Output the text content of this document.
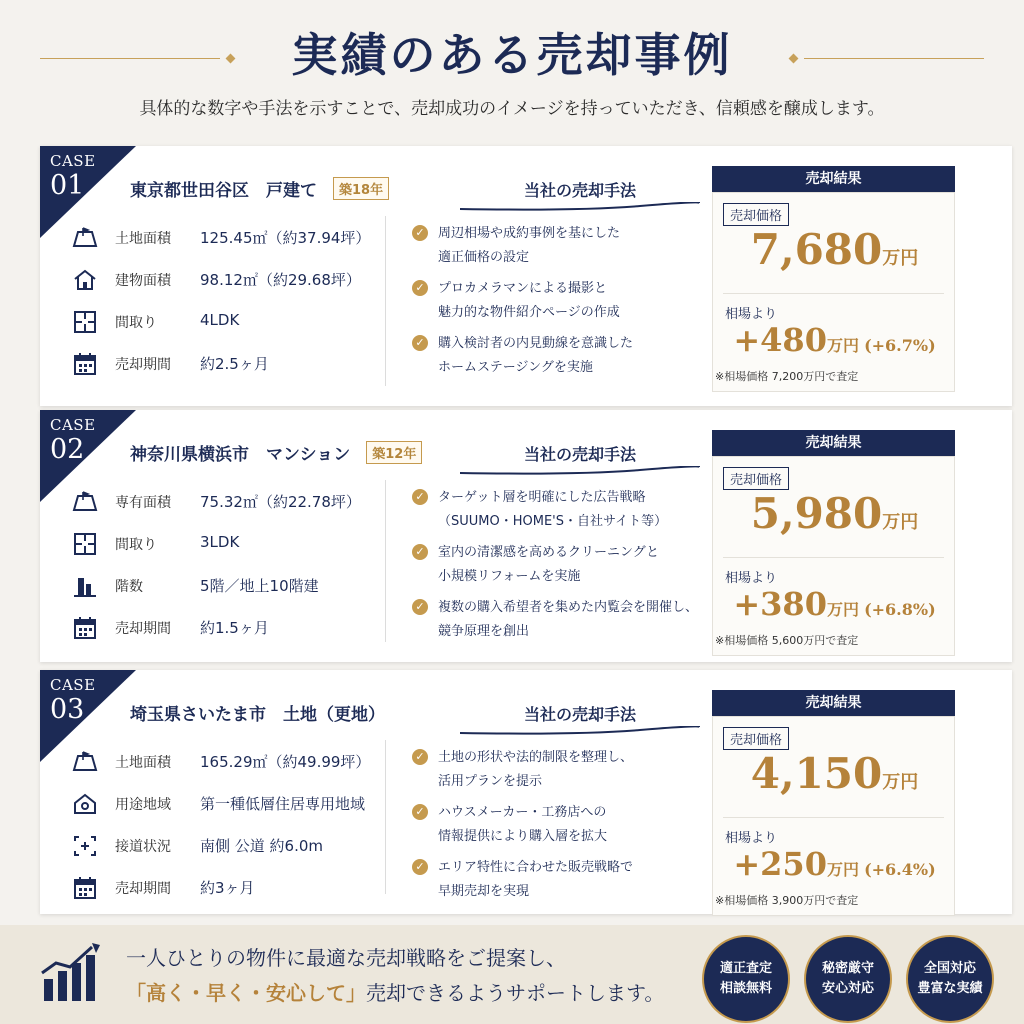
実績のある売却事例
具体的な数字や手法を示すことで、売却成功のイメージを持っていただき、信頼感を醸成します。
CASE
01	東京都世田谷区　戸建て 築18年
土地面積 125.45㎡（約37.94坪）
建物面積 98.12㎡（約29.68坪）
間取り	4LDK
売却期間 約2.5ヶ月
当社の売却手法
✓ 周辺相場や成約事例を基にした
適正価格の設定
✓ プロカメラマンによる撮影と
魅力的な物件紹介ページの作成
✓ 購入検討者の内見動線を意識した
ホームステージングを実施
売却結果
売却価格
7,680万円
相場より
+480万円 (+6.7%)
※相場価格 7,200万円で査定
CASE
02	神奈川県横浜市　マンション 築12年
専有面積 75.32㎡（約22.78坪）
間取り	3LDK
階数	5階／地上10階建
売却期間 約1.5ヶ月
当社の売却手法
✓ ターゲット層を明確にした広告戦略
（SUUMO・HOME'S・自社サイト等）
✓ 室内の清潔感を高めるクリーニングと
小規模リフォームを実施
✓ 複数の購入希望者を集めた内覧会を開催し、
競争原理を創出
売却結果
売却価格
5,980万円
相場より
+380万円 (+6.8%)
※相場価格 5,600万円で査定
CASE
03	埼玉県さいたま市　土地（更地）
土地面積 165.29㎡（約49.99坪）
用途地域 第一種低層住居専用地域
接道状況 南側 公道 約6.0m
売却期間 約3ヶ月
当社の売却手法
✓ 土地の形状や法的制限を整理し、
活用プランを提示
✓ ハウスメーカー・工務店への
情報提供により購入層を拡大
✓ エリア特性に合わせた販売戦略で
早期売却を実現
売却結果
売却価格
4,150万円
相場より
+250万円 (+6.4%)
※相場価格 3,900万円で査定
一人ひとりの物件に最適な売却戦略をご提案し、
「高く・早く・安心して」売却できるようサポートします。
適正査定
相談無料
秘密厳守
安心対応
全国対応
豊富な実績
